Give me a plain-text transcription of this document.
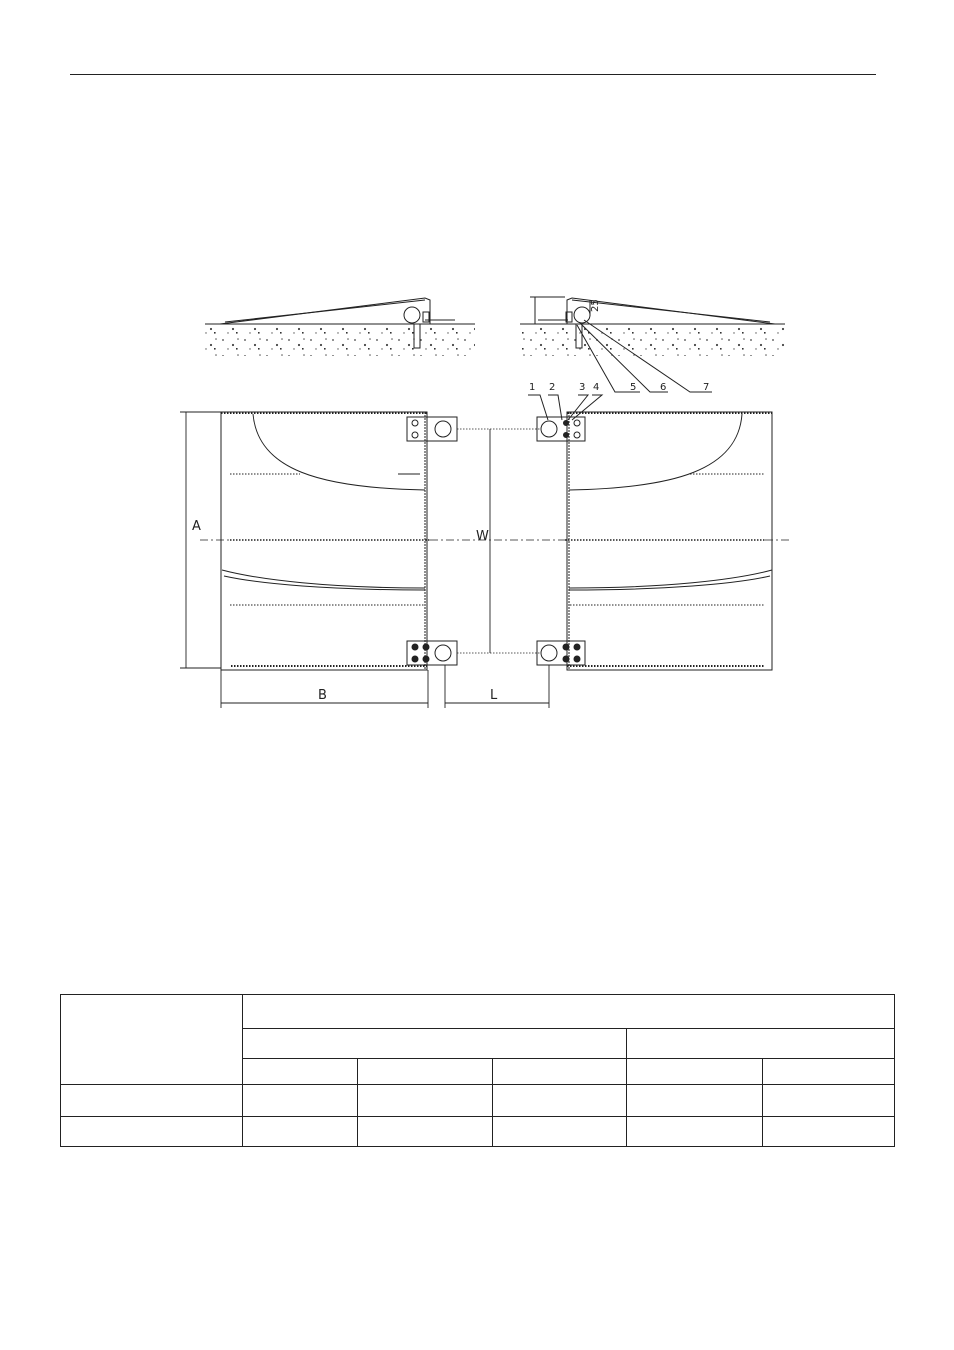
25
1 2 3 4	5 6	7
A
W
B	L
